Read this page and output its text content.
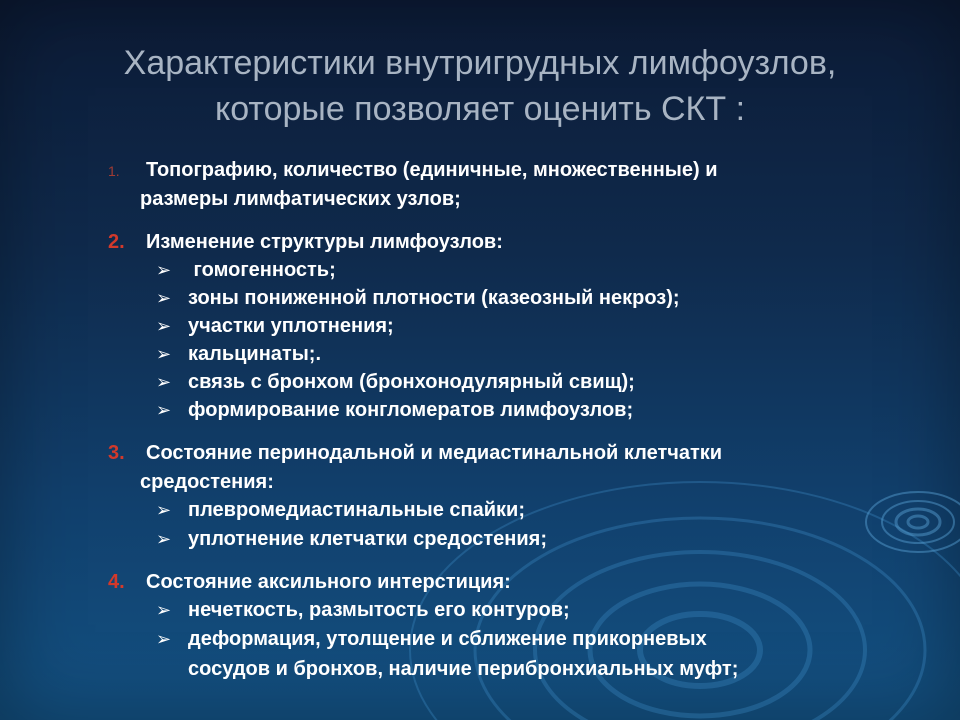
Характеристики внутригрудных лимфоузлов,
которые позволяет оценить СКТ :
1. Топографию, количество (единичные, множественные) и
размеры лимфатических узлов;
2. Изменение структуры лимфоузлов:
➢ гомогенность;
➢ зоны пониженной плотности (казеозный некроз);
➢ участки уплотнения;
➢ кальцинаты;.
➢ связь с бронхом (бронхонодулярный свищ);
➢ формирование конгломератов лимфоузлов;
3. Состояние перинодальной и медиастинальной клетчатки
средостения:
➢ плевромедиастинальные спайки;
➢ уплотнение клетчатки средостения;
4. Состояние аксильного интерстиция:
➢ нечеткость, размытость его контуров;
➢ деформация, утолщение и сближение прикорневых
сосудов и бронхов, наличие перибронхиальных муфт;
